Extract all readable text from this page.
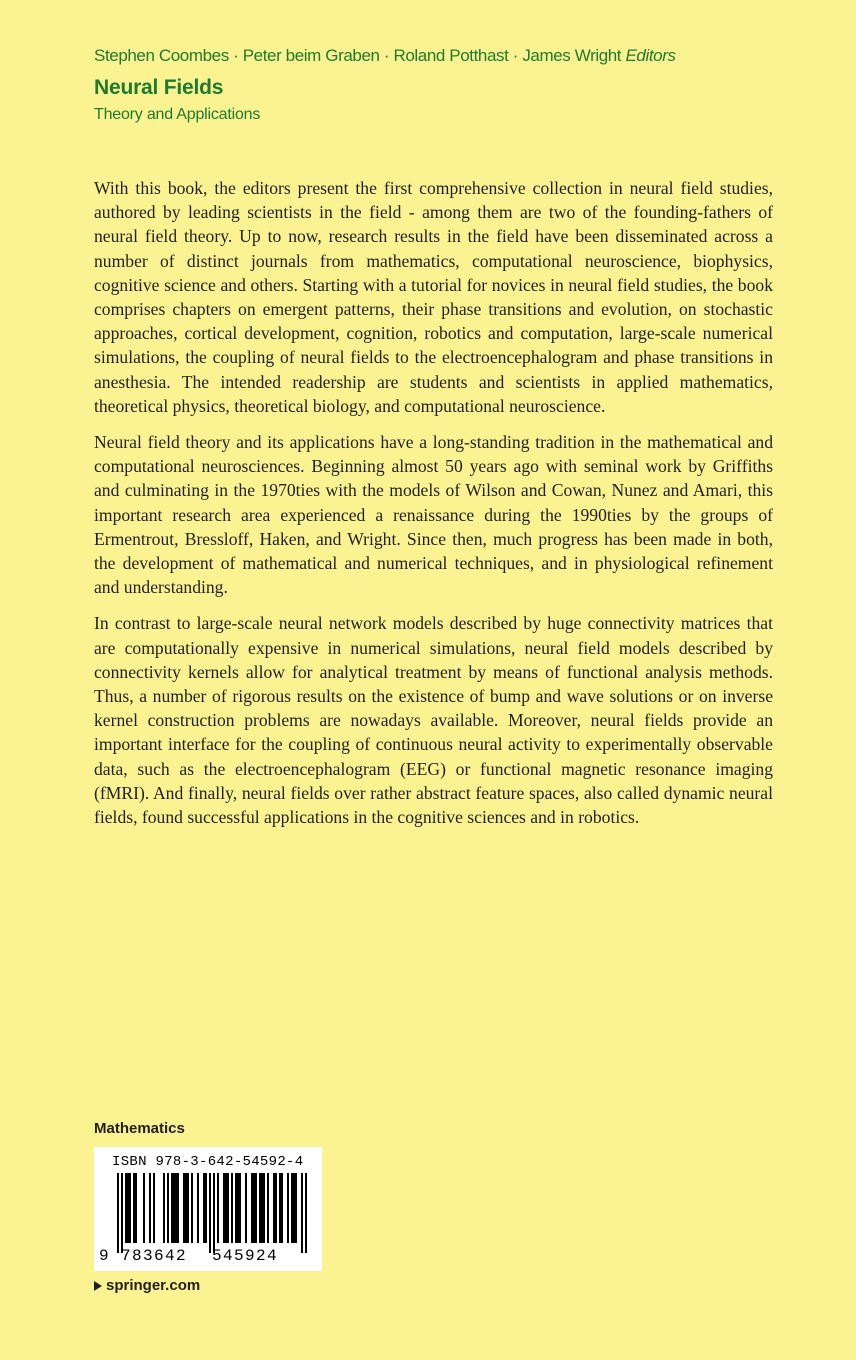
Stephen Coombes · Peter beim Graben · Roland Potthast · James Wright Editors
Neural Fields
Theory and Applications

With this book, the editors present the first comprehensive collection in neural field studies, authored by leading scientists in the field - among them are two of the founding-fathers of neural field theory. Up to now, research results in the field have been disseminated across a number of distinct journals from mathematics, computational neuroscience, biophysics, cognitive science and others. Starting with a tutorial for novices in neural field studies, the book comprises chapters on emergent patterns, their phase transitions and evolution, on stochastic approaches, cortical development, cognition, robotics and computation, large-scale numerical simulations, the coupling of neural fields to the electroencephalogram and phase transitions in anesthesia. The intended readership are students and scientists in applied mathematics, theoretical physics, theoretical biology, and computational neuroscience.

Neural field theory and its applications have a long-standing tradition in the mathematical and computational neurosciences. Beginning almost 50 years ago with seminal work by Griffiths and culminating in the 1970ties with the models of Wilson and Cowan, Nunez and Amari, this important research area experienced a renaissance during the 1990ties by the groups of Ermentrout, Bressloff, Haken, and Wright. Since then, much progress has been made in both, the development of mathematical and numerical techniques, and in physiological refinement and understanding.

In contrast to large-scale neural network models described by huge connectivity matrices that are computationally expensive in numerical simulations, neural field models described by connectivity kernels allow for analytical treatment by means of functional analysis methods. Thus, a number of rigorous results on the existence of bump and wave solutions or on inverse kernel construction problems are nowadays available. Moreover, neural fields provide an important interface for the coupling of continuous neural activity to experimentally observable data, such as the electroencephalogram (EEG) or functional magnetic resonance imaging (fMRI). And finally, neural fields over rather abstract feature spaces, also called dynamic neural fields, found successful applications in the cognitive sciences and in robotics.

Mathematics
ISBN 978-3-642-54592-4
9 783642 545924
springer.com
